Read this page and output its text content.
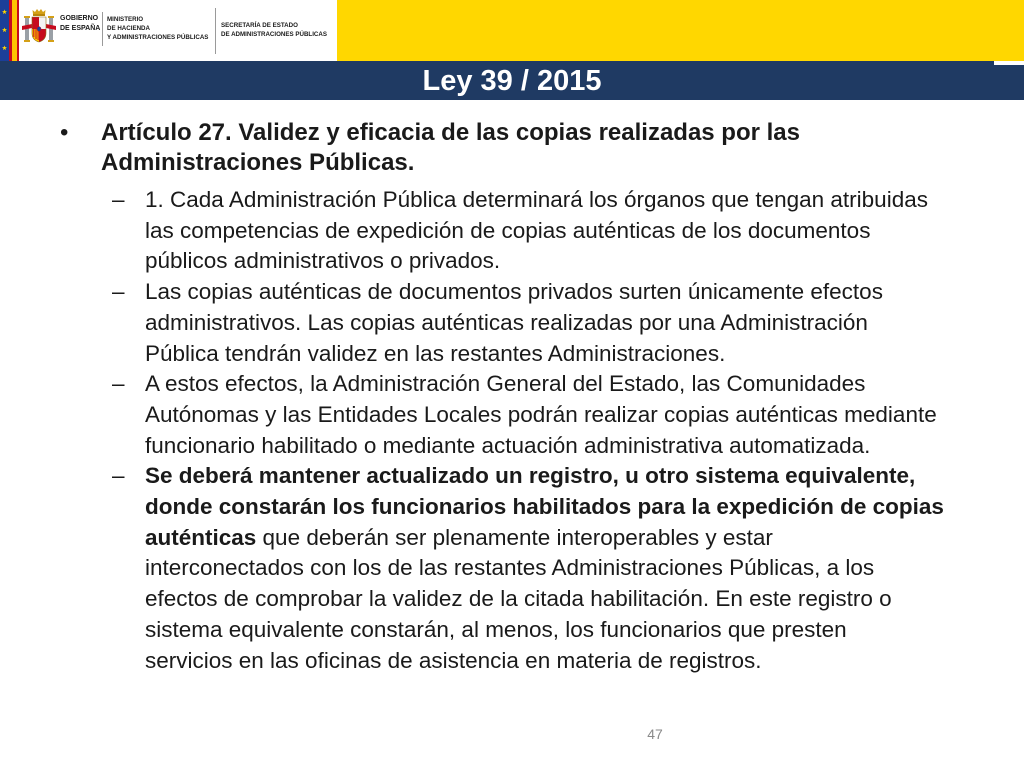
GOBIERNO
DE ESPAÑA
MINISTERIO
DE HACIENDA
Y ADMINISTRACIONES PÚBLICAS
SECRETARÍA DE ESTADO
DE ADMINISTRACIONES PÚBLICAS
Ley 39 / 2015
• Artículo 27. Validez y eficacia de las copias realizadas por las
Administraciones Públicas.
– 1. Cada Administración Pública determinará los órganos que tengan atribuidas
las competencias de expedición de copias auténticas de los documentos
públicos administrativos o privados.
– Las copias auténticas de documentos privados surten únicamente efectos
administrativos. Las copias auténticas realizadas por una Administración
Pública tendrán validez en las restantes Administraciones.
– A estos efectos, la Administración General del Estado, las Comunidades
Autónomas y las Entidades Locales podrán realizar copias auténticas mediante
funcionario habilitado o mediante actuación administrativa automatizada.
– Se deberá mantener actualizado un registro, u otro sistema equivalente,
donde constarán los funcionarios habilitados para la expedición de copias
auténticas que deberán ser plenamente interoperables y estar
interconectados con los de las restantes Administraciones Públicas, a los
efectos de comprobar la validez de la citada habilitación. En este registro o
sistema equivalente constarán, al menos, los funcionarios que presten
servicios en las oficinas de asistencia en materia de registros.
47
